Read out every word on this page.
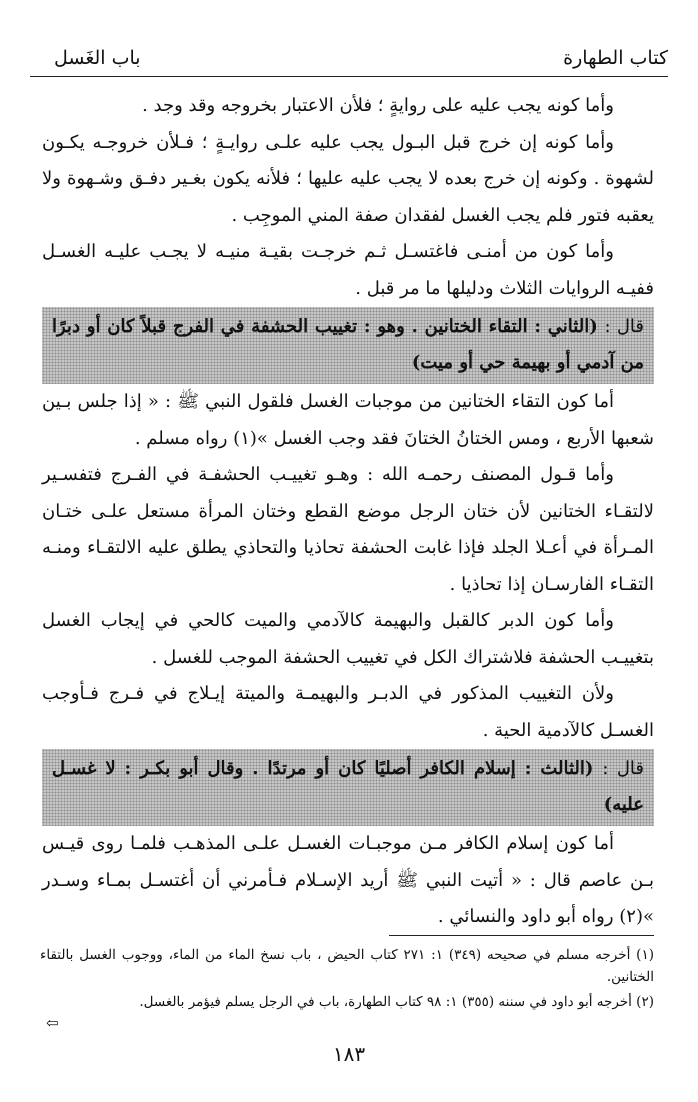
كتاب الطهارة
باب الغَسل

وأما كونه يجب عليه على روايةٍ ؛ فلأن الاعتبار بخروجه وقد وجد .

وأما كونه إن خرج قبل البـول يجب عليه علـى روايـةٍ ؛ فـلأن خروجـه يكـون لشهوة . وكونه إن خرج بعده لا يجب عليه عليها ؛ فلأنه يكون بغـير دفـق وشـهوة ولا يعقبه فتور فلم يجب الغسل لفقدان صفة المني الموجِب .

وأما كون من أمنـى فاغتسـل ثـم خرجـت بقيـة منيـه لا يجـب عليـه الغسـل ففيـه الروايات الثلاث ودليلها ما مر قبل .

قال : (الثاني : التقاء الختانين . وهو : تغييب الحشفة في الفرج قبلاً كان أو دبرًا من آدمي أو بهيمة حي أو ميت)

أما كون التقاء الختانين من موجبات الغسل فلقول النبي ﷺ : « إذا جلس بـين شعبها الأربع ، ومس الختانُ الختانَ فقد وجب الغسل »(١) رواه مسلم .

وأما قـول المصنف رحمـه الله : وهـو تغييـب الحشفـة في الفـرج فتفسـير لالتقـاء الختانين لأن ختان الرجل موضع القطع وختان المرأة مستعل علـى ختـان المـرأة في أعـلا الجلد فإذا غابت الحشفة تحاذيا والتحاذي يطلق عليه الالتقـاء ومنـه التقـاء الفارسـان إذا تحاذيا .

وأما كون الدبر كالقبل والبهيمة كالآدمي والميت كالحي في إيجاب الغسل بتغييـب الحشفة فلاشتراك الكل في تغييب الحشفة الموجب للغسل .

ولأن التغييب المذكور في الدبـر والبهيمـة والميتة إيـلاج في فـرج فـأوجب الغسـل كالآدمية الحية .

قال : (الثالث : إسلام الكافر أصليًا كان أو مرتدًا . وقال أبو بكـر : لا غسـل عليه)

أما كون إسلام الكافر مـن موجبـات الغسـل علـى المذهـب فلمـا روى قيـس بـن عاصم قال : « أتيت النبي ﷺ أريد الإسـلام فـأمرني أن أغتسـل بمـاء وسـدر »(٢) رواه أبو داود والنسائي .

(١) أخرجه مسلم في صحيحه (٣٤٩) ١: ٢٧١ كتاب الحيض ، باب نسخ الماء من الماء، ووجوب الغسل بالتقاء الختانين.

(٢) أخرجه أبو داود في سننه (٣٥٥) ١: ٩٨ كتاب الطهارة، باب في الرجل يسلم فيؤمر بالغسل.

⇦
١٨٣
